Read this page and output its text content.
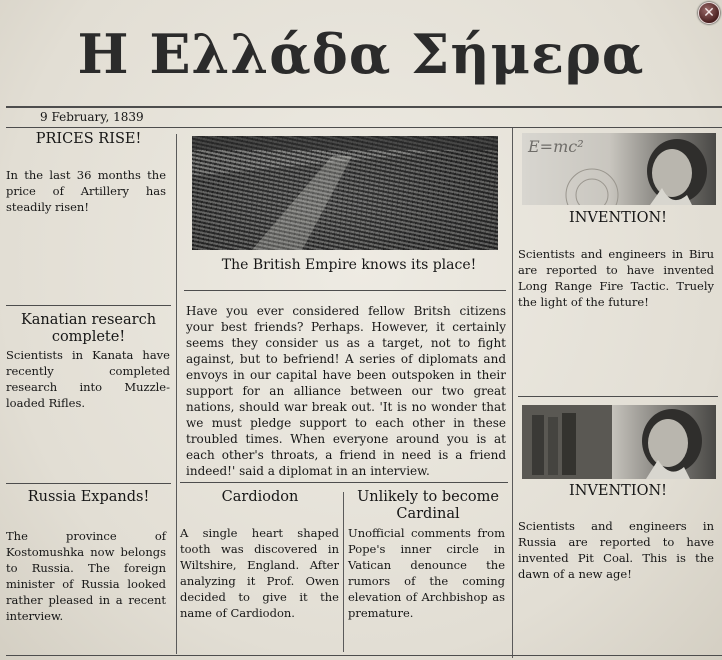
Η Ελλάδα Σήμερα
✕
9 February, 1839
PRICES RISE!
In the last 36 months the price of Artillery has steadily risen!
Kanatian research complete!
Scientists in Kanata have recently completed research into Muzzle-loaded Rifles.
Russia Expands!
The province of Kostomushka now belongs to Russia. The foreign minister of Russia looked rather pleased in a recent interview.
The British Empire knows its place!
Have you ever considered fellow Britsh citizens your best friends? Perhaps. However, it certainly seems they consider us as a target, not to fight against, but to befriend! A series of diplomats and envoys in our capital have been outspoken in their support for an alliance between our two great nations, should war break out. 'It is no wonder that we must pledge support to each other in these troubled times. When everyone around you is at each other's throats, a friend in need is a friend indeed!' said a diplomat in an interview.
Cardiodon
A single heart shaped tooth was discovered in Wiltshire, England. After analyzing it Prof. Owen decided to give it the name of Cardiodon.
Unlikely to become Cardinal
Unofficial comments from Pope's inner circle in Vatican denounce the rumors of the coming elevation of Archbishop as premature.
E=mc²
INVENTION!
Scientists and engineers in Biru are reported to have invented Long Range Fire Tactic. Truely the light of the future!
INVENTION!
Scientists and engineers in Russia are reported to have invented Pit Coal. This is the dawn of a new age!
